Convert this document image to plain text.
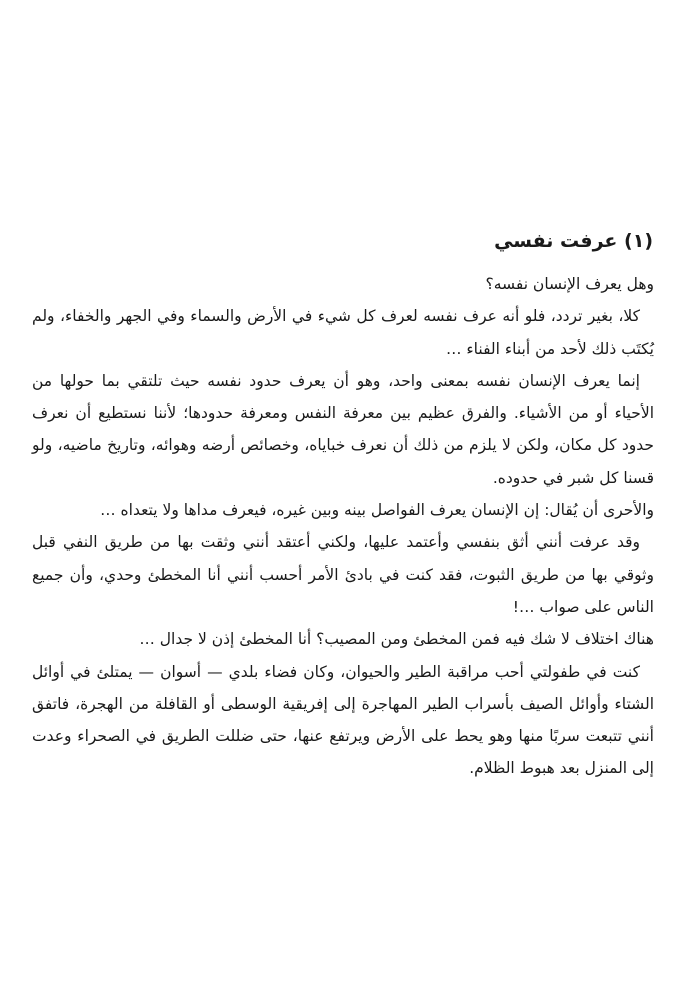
(١) عرفت نفسي

وهل يعرف الإنسان نفسه؟

كلا، بغير تردد، فلو أنه عرف نفسه لعرف كل شيء في الأرض والسماء وفي الجهر والخفاء، ولم يُكتَب ذلك لأحد من أبناء الفناء …

إنما يعرف الإنسان نفسه بمعنى واحد، وهو أن يعرف حدود نفسه حيث تلتقي بما حولها من الأحياء أو من الأشياء. والفرق عظيم بين معرفة النفس ومعرفة حدودها؛ لأننا نستطيع أن نعرف حدود كل مكان، ولكن لا يلزم من ذلك أن نعرف خباياه، وخصائص أرضه وهوائه، وتاريخ ماضيه، ولو قسنا كل شبر في حدوده.

والأحرى أن يُقال: إن الإنسان يعرف الفواصل بينه وبين غيره، فيعرف مداها ولا يتعداه …

وقد عرفت أنني أثق بنفسي وأعتمد عليها، ولكني أعتقد أنني وثقت بها من طريق النفي قبل وثوقي بها من طريق الثبوت، فقد كنت في بادئ الأمر أحسب أنني أنا المخطئ وحدي، وأن جميع الناس على صواب …!

هناك اختلاف لا شك فيه فمن المخطئ ومن المصيب؟ أنا المخطئ إذن لا جدال …

كنت في طفولتي أحب مراقبة الطير والحيوان، وكان فضاء بلدي — أسوان — يمتلئ في أوائل الشتاء وأوائل الصيف بأسراب الطير المهاجرة إلى إفريقية الوسطى أو القافلة من الهجرة، فاتفق أنني تتبعت سربًا منها وهو يحط على الأرض ويرتفع عنها، حتى ضللت الطريق في الصحراء وعدت إلى المنزل بعد هبوط الظلام.
